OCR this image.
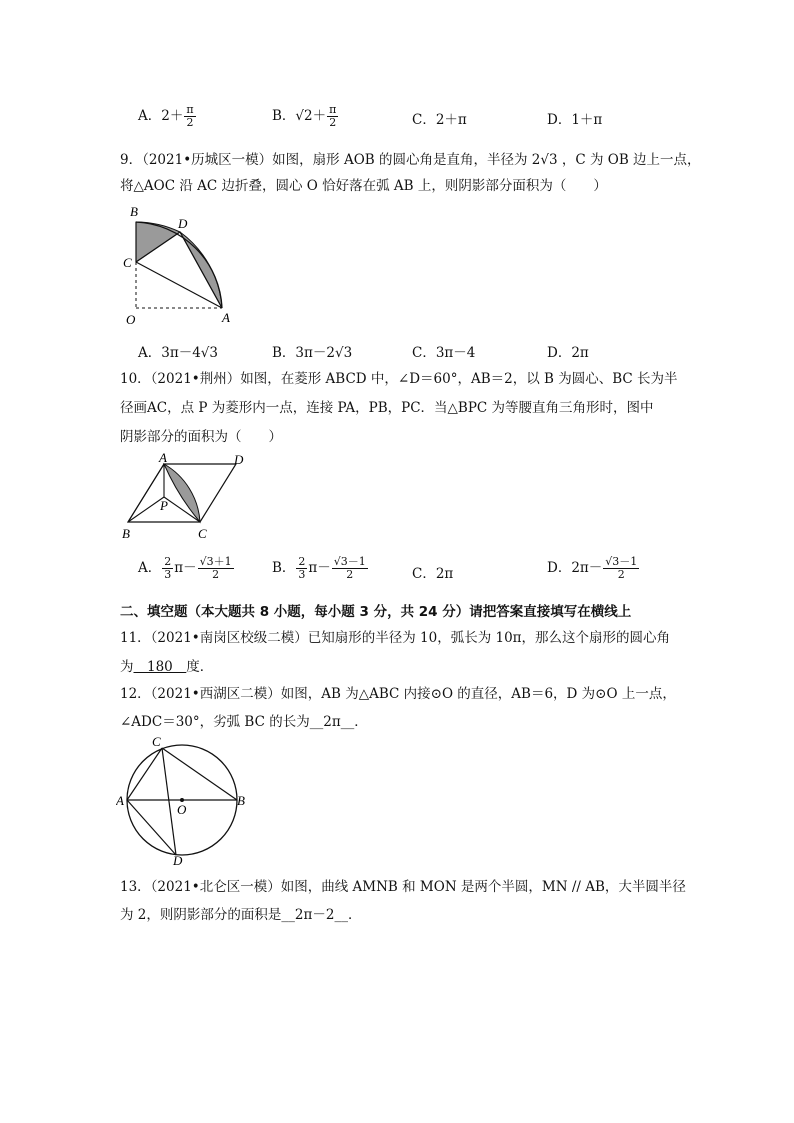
A．$2+ \frac{\pi}{2}$	B．$√2+ \frac{\pi}{2}$	C．2＋π	D．1＋π
9．（2021•历城区一模）如图，扇形 AOB 的圆心角是直角，半径为 2√3 ，C 为 OB 边上一点，
将△AOC 沿 AC 边折叠，圆心 O 恰好落在弧 AB 上，则阴影部分面积为（　　）
B
D
C
O	A
A．3π－4√3	B．3π－2√3	C．3π－4	D．2π
10．（2021•荆州）如图，在菱形 ABCD 中，∠D＝60°，AB＝2，以 B 为圆心、BC 长为半
径画AC，点 P 为菱形内一点，连接 PA，PB，PC．当△BPC 为等腰直角三角形时，图中
阴影部分的面积为（　　）
A	D
P
B	C
A． $\frac{2}{3} \pi- \frac{√3+1}{2}$	B． $\frac{2}{3} \pi- \frac{√3-1}{2}$	C．2π	D．$2\pi- \frac{√3-1}{2}$
二、填空题（本大题共 8 小题，每小题 3 分，共 24 分）请把答案直接填写在横线上
11．（2021•南岗区校级二模）已知扇形的半径为 10，弧长为 10π，那么这个扇形的圆心角
为　180　度．
12．（2021•西湖区二模）如图，AB 为△ABC 内接⊙O 的直径，AB＝6，D 为⊙O 上一点，
∠ADC＝30°，劣弧 BC 的长为__2π__．
C
A
O
B
D
13．（2021•北仑区一模）如图，曲线 AMNB 和 MON 是两个半圆，MN // AB，大半圆半径
为 2，则阴影部分的面积是__2π－2__．
